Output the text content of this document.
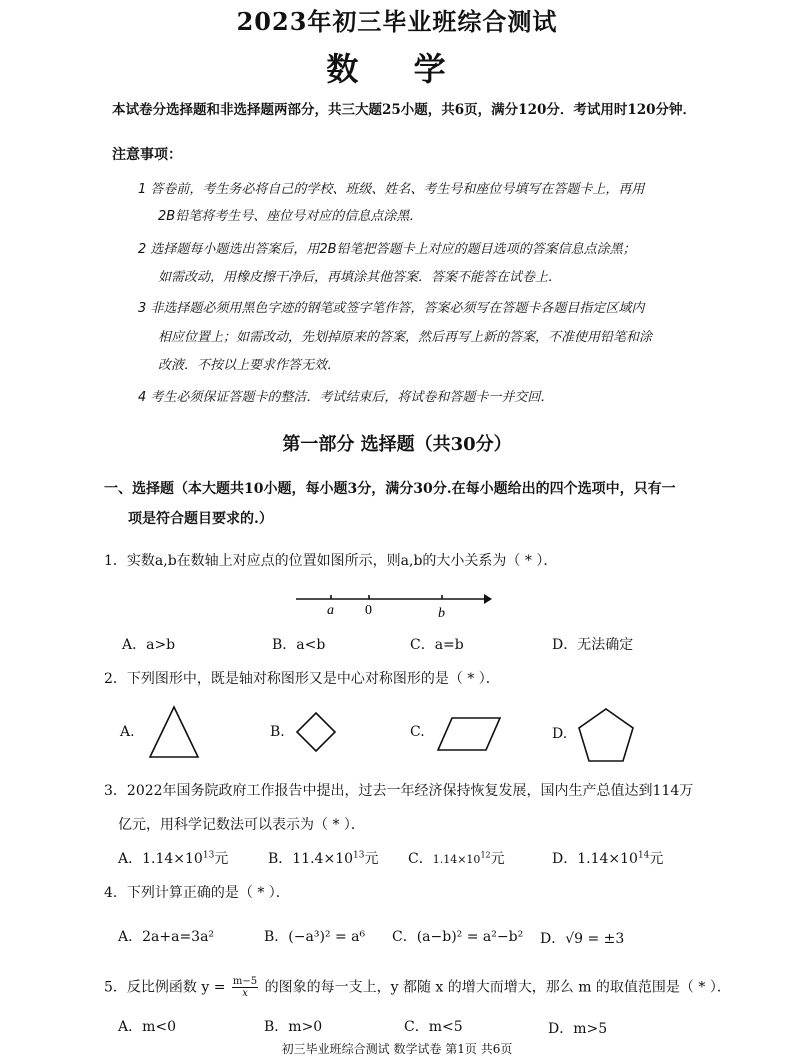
2023年初三毕业班综合测试
数 学
本试卷分选择题和非选择题两部分，共三大题25小题，共6页，满分120分．考试用时120分钟．
注意事项：
1 答卷前，考生务必将自己的学校、班级、姓名、考生号和座位号填写在答题卡上，再用
2B铅笔将考生号、座位号对应的信息点涂黑．
2 选择题每小题选出答案后，用2B铅笔把答题卡上对应的题目选项的答案信息点涂黑；
如需改动，用橡皮擦干净后，再填涂其他答案．答案不能答在试卷上．
3 非选择题必须用黑色字迹的钢笔或签字笔作答，答案必须写在答题卡各题目指定区域内
相应位置上；如需改动，先划掉原来的答案，然后再写上新的答案，不准使用铅笔和涂
改液．不按以上要求作答无效．
4 考生必须保证答题卡的整洁．考试结束后，将试卷和答题卡一并交回．
第一部分 选择题（共30分）
一、选择题（本大题共10小题，每小题3分，满分30分.在每小题给出的四个选项中，只有一
项是符合题目要求的.）
1．实数a,b在数轴上对应点的位置如图所示，则a,b的大小关系为（ * ）．
a 0	b
A．a>b	B．a<b	C．a=b	D．无法确定
2．下列图形中，既是轴对称图形又是中心对称图形的是（ * ）．
A.	B.	C.	D.
3．2022年国务院政府工作报告中提出，过去一年经济保持恢复发展，国内生产总值达到114万
亿元，用科学记数法可以表示为（ * ）．
A．$1.14\times 10^{13}$元	B．$11.4\times 10^{13}$元 C．$1.14\times 10^{12}$元	D．$1.14\times 10^{14}$元
4．下列计算正确的是（ * ）．
A．2a+a=3a²	B．(−a³)² = a⁶ C．(a−b)² = a²−b² D．√9 = ±3
5．反比例函数 $y = \frac{m-5}{x}$ 的图象的每一支上，y 都随 x 的增大而增大，那么 m 的取值范围是（ * ）．
A．m<0	B．m>0	C．m<5	D．m>5
初三毕业班综合测试 数学试卷 第1页 共6页
